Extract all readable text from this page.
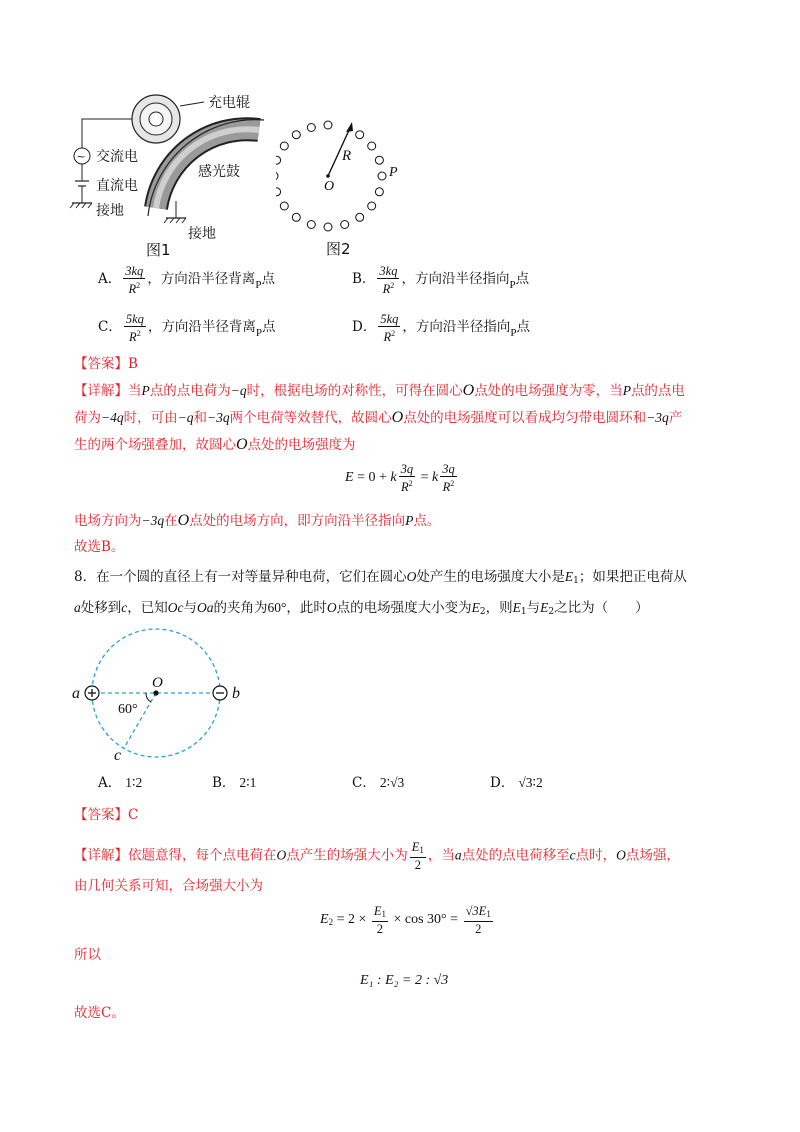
~
充电辊
交流电
直流电
接地
感光鼓
接地
图1
R
O
P
图2
A． $\frac{3kq}{R^2}$ ，方向沿半径背离$_P$点	B． $\frac{3kq}{R^2}$ ，方向沿半径指向$_P$点
C． $\frac{5kq}{R^2}$ ，方向沿半径背离$_P$点	D． $\frac{5kq}{R^2}$ ，方向沿半径指向$_P$点
【答案】B
【详解】当P点的点电荷为−q时，根据电场的对称性，可得在圆心O点处的电场强度为零，当P点的点电
荷为−4q时，可由−q和−3q两个电荷等效替代，故圆心O点处的电场强度可以看成均匀带电圆环和−3q产
生的两个场强叠加，故圆心O点处的电场强度为
E = 0 + k $\frac{3q}{R^2} = k \frac{3q}{R^2}$
电场方向为−3q在O点处的电场方向，即方向沿半径指向P点。
故选B。
8．在一个圆的直径上有一对等量异种电荷，它们在圆心O处产生的电场强度大小是$E_1$；如果把正电荷从
a处移到c，已知Oc与Oa的夹角为60°，此时O点的电场强度大小变为$E_2$，则$E_1$与$E_2$之比为（　　）
a	b
O
c
60°
A． 1∶2	B． 2∶1	C． 2∶√3	D． √3∶2
【答案】C
【详解】依题意得，每个点电荷在O点产生的场强大小为 $\frac{E_1}{2}$ ，当a点处的点电荷移至c点时，O点场强，
由几何关系可知，合场强大小为
$E_2 = 2 \times \frac{E_1}{2} \times \cos 30^\circ = \frac{√3E_1}{2}$
所以
E₁ : E₂ = 2 : √3
故选C。
